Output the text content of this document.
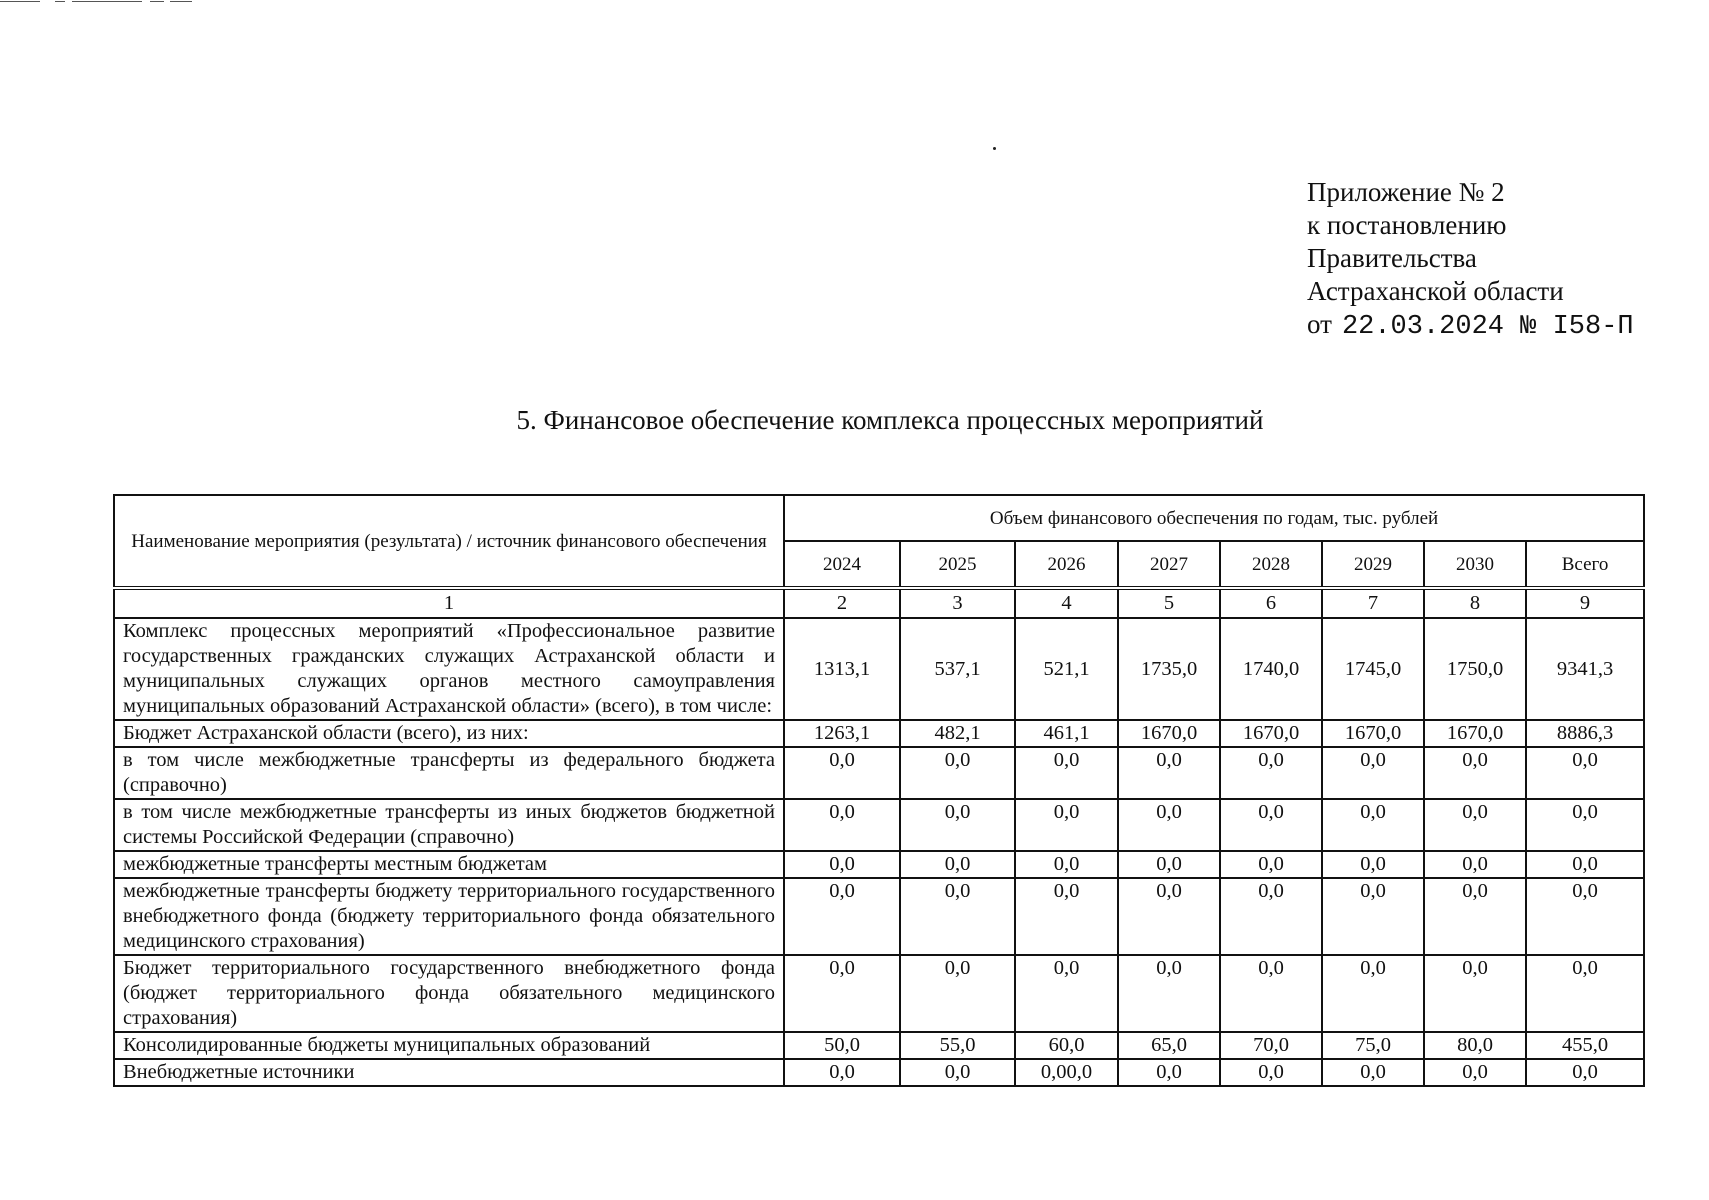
Приложение № 2
к постановлению
Правительства
Астраханской области
от 22.03.2024 № I58-П
5. Финансовое обеспечение комплекса процессных мероприятий
Наименование мероприятия (результата) / источник финансового обеспечения	Объем финансового обеспечения по годам, тыс. рублей							
	2024	2025	2026	2027	2028	2029	2030	Всего
1	2	3	4	5	6	7	8	9
Комплекс процессных мероприятий «Профессиональное развитие государственных гражданских служащих Астраханской области и муниципальных служащих органов местного самоуправления муниципальных образований Астраханской области» (всего), в том числе:	1313,1	537,1	521,1	1735,0	1740,0	1745,0	1750,0	9341,3
Бюджет Астраханской области (всего), из них:	1263,1	482,1	461,1	1670,0	1670,0	1670,0	1670,0	8886,3
в том числе межбюджетные трансферты из федерального бюджета (справочно)	0,0	0,0	0,0	0,0	0,0	0,0	0,0	0,0
в том числе межбюджетные трансферты из иных бюджетов бюджетной системы Российской Федерации (справочно)	0,0	0,0	0,0	0,0	0,0	0,0	0,0	0,0
межбюджетные трансферты местным бюджетам	0,0	0,0	0,0	0,0	0,0	0,0	0,0	0,0
межбюджетные трансферты бюджету территориального государственного внебюджетного фонда (бюджету территориального фонда обязательного медицинского страхования)	0,0	0,0	0,0	0,0	0,0	0,0	0,0	0,0
Бюджет территориального государственного внебюджетного фонда (бюджет территориального фонда обязательного медицинского страхования)	0,0	0,0	0,0	0,0	0,0	0,0	0,0	0,0
Консолидированные бюджеты муниципальных образований	50,0	55,0	60,0	65,0	70,0	75,0	80,0	455,0
Внебюджетные источники	0,0	0,0	0,00,0	0,0	0,0	0,0	0,0	0,0
